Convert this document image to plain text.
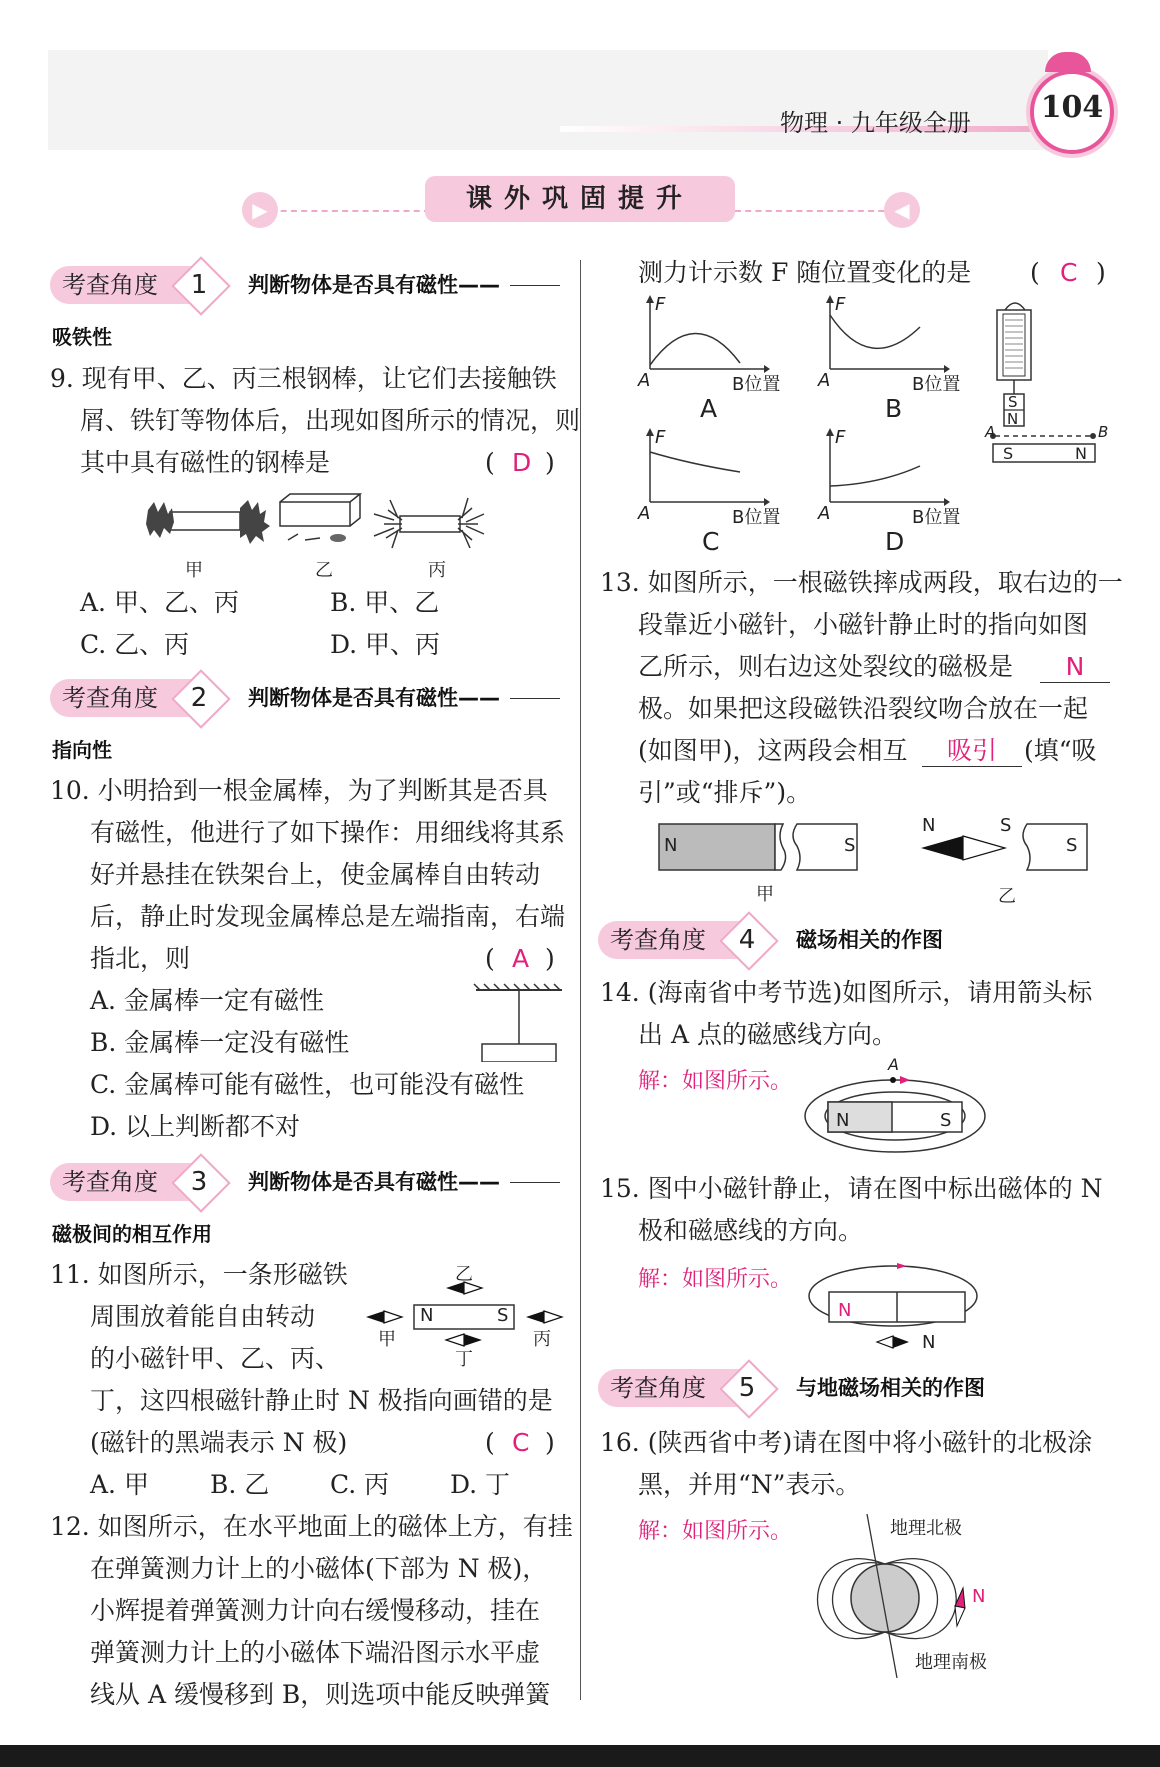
物理 · 九年级全册 104
▶	◀
课外巩固提升
考查角度	1	判断物体是否具有磁性——
吸铁性
9. 现有甲、乙、丙三根钢棒，让它们去接触铁
屑、铁钉等物体后，出现如图所示的情况，则
其中具有磁性的钢棒是	( D )
甲	乙	丙
A. 甲、乙、丙	B. 甲、乙
C. 乙、丙	D. 甲、丙
考查角度	2	判断物体是否具有磁性——
指向性
10. 小明拾到一根金属棒，为了判断其是否具
有磁性，他进行了如下操作：用细线将其系
好并悬挂在铁架台上，使金属棒自由转动
后，静止时发现金属棒总是左端指南，右端
指北，则	( A )
A. 金属棒一定有磁性
B. 金属棒一定没有磁性
C. 金属棒可能有磁性，也可能没有磁性
D. 以上判断都不对
考查角度	3	判断物体是否具有磁性——
磁极间的相互作用
11. 如图所示，一条形磁铁
周围放着能自由转动
的小磁针甲、乙、丙、
丁，这四根磁针静止时 N 极指向画错的是
(磁针的黑端表示 N 极)	( C )
A. 甲 B. 乙 C. 丙 D. 丁
N	S
乙
甲	丙
丁
12. 如图所示，在水平地面上的磁体上方，有挂
在弹簧测力计上的小磁体(下部为 N 极)，
小辉提着弹簧测力计向右缓慢移动，挂在
弹簧测力计上的小磁体下端沿图示水平虚
线从 A 缓慢移到 B，则选项中能反映弹簧
测力计示数 F 随位置变化的是 ( C )
F
A	B位置
A
F
A	B位置
B
F
A	B位置
C
F
A	B位置
D
S
N
A	B
S	N
13. 如图所示，一根磁铁摔成两段，取右边的一
段靠近小磁针，小磁针静止时的指向如图
乙所示，则右边这处裂纹的磁极是	N
极。如果把这段磁铁沿裂纹吻合放在一起
(如图甲)，这两段会相互	吸引	(填“吸
引”或“排斥”)。
N	S
N	S
S
甲	乙
考查角度	4	磁场相关的作图
14. (海南省中考节选)如图所示，请用箭头标
出 A 点的磁感线方向。
解：如图所示。
A
N	S
15. 图中小磁针静止，请在图中标出磁体的 N
极和磁感线的方向。
解：如图所示。
N
N
考查角度	5	与地磁场相关的作图
16. (陕西省中考)请在图中将小磁针的北极涂
黑，并用“N”表示。
解：如图所示。	地理北极
地理南极
N
